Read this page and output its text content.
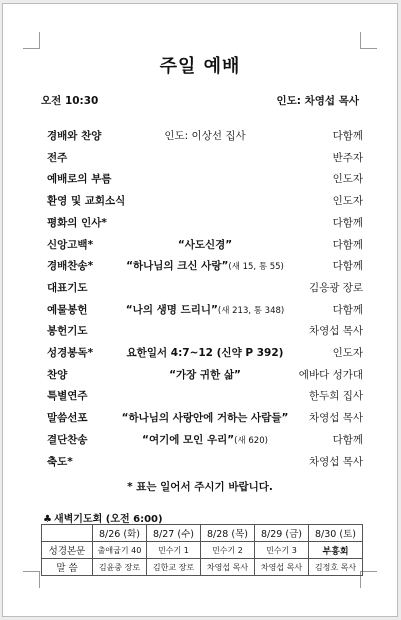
주일 예배
오전 10:30	인도: 차영섭 목사
경배와 찬양	인도: 이상선 집사	다함께
전주	반주자
예배로의 부름	인도자
환영 및 교회소식	인도자
평화의 인사*	다함께
신앙고백*	“사도신경”	다함께
경배찬송*	“하나님의 크신 사랑”(새 15, 통 55)	다함께
대표기도	김응광 장로
예물봉헌	“나의 생명 드리니”(새 213, 통 348)	다함께
봉헌기도	차영섭 목사
성경봉독*	요한일서 4:7~12 (신약 P 392)	인도자
찬양	“가장 귀한 삶”	에바다 성가대
특별연주	한두희 집사
말씀선포	“하나님의 사랑안에 거하는 사람들”	차영섭 목사
결단찬송	“여기에 모인 우리”(새 620)	다함께
축도*	차영섭 목사
* 표는 일어서 주시기 바랍니다.
♣ 새벽기도회 (오전 6:00)
	8/26 (화)	8/27 (수)	8/28 (목)	8/29 (금)	8/30 (토)
성경본문	출애굽기 40	민수기 1	민수기 2	민수기 3	부흥회
말 씀	김윤중 장로	김한교 장로	차영섭 목사	차영섭 목사	김정호 목사
